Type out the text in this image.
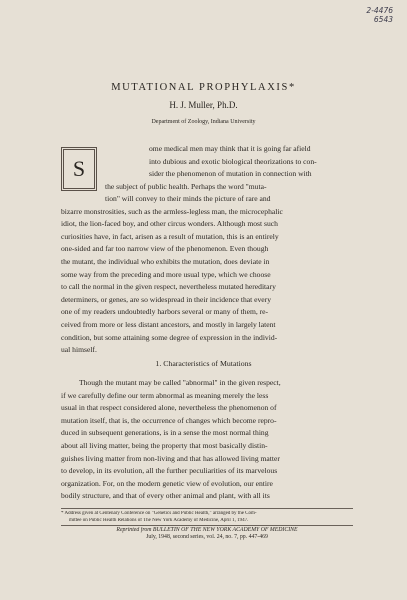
2-4476
6543
MUTATIONAL PROPHYLAXIS*
H. J. Muller, Ph.D.
Department of Zoology, Indiana University
S
ome medical men may think that it is going far afield
into dubious and exotic biological theorizations to con-
sider the phenomenon of mutation in connection with
the subject of public health. Perhaps the word "muta-
tion" will convey to their minds the picture of rare and
bizarre monstrosities, such as the armless-legless man, the microcephalic
idiot, the lion-faced boy, and other circus wonders. Although most such
curiosities have, in fact, arisen as a result of mutation, this is an entirely
one-sided and far too narrow view of the phenomenon. Even though
the mutant, the individual who exhibits the mutation, does deviate in
some way from the preceding and more usual type, which we choose
to call the normal in the given respect, nevertheless mutated hereditary
determiners, or genes, are so widespread in their incidence that every
one of my readers undoubtedly harbors several or many of them, re-
ceived from more or less distant ancestors, and mostly in largely latent
condition, but some attaining some degree of expression in the individ-
ual himself.
1. Characteristics of Mutations
Though the mutant may be called "abnormal" in the given respect,
if we carefully define our term abnormal as meaning merely the less
usual in that respect considered alone, nevertheless the phenomenon of
mutation itself, that is, the occurrence of changes which become repro-
duced in subsequent generations, is in a sense the most normal thing
about all living matter, being the property that most basically distin-
guishes living matter from non-living and that has allowed living matter
to develop, in its evolution, all the further peculiarities of its marvelous
organization. For, on the modern genetic view of evolution, our entire
bodily structure, and that of every other animal and plant, with all its
* Address given at Centenary Conference on "Genetics and Public Health," arranged by the Com-
mittee on Public Health Relations of The New York Academy of Medicine, April 1, 1947.
Reprinted from BULLETIN OF THE NEW YORK ACADEMY OF MEDICINE
July, 1948, second series, vol. 24, no. 7, pp. 447-469
